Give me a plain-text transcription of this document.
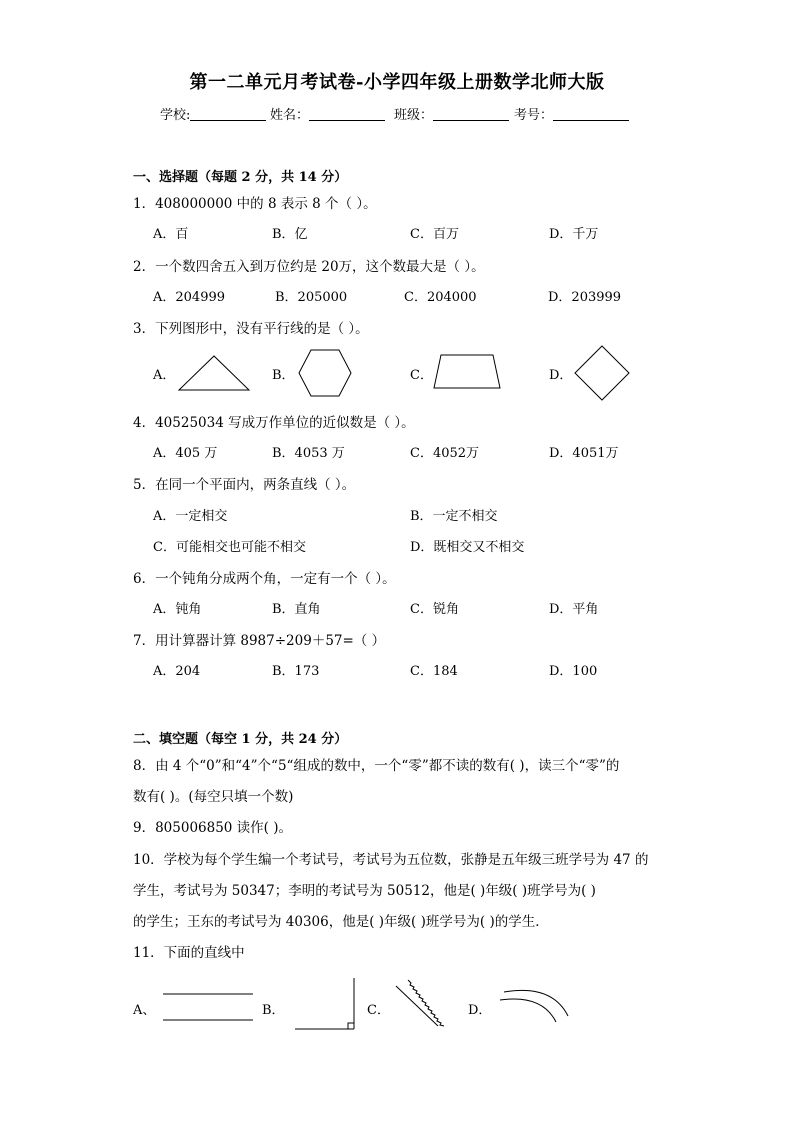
第一二单元月考试卷-小学四年级上册数学北师大版
学校:	姓名：	班级：	考号：
一、选择题（每题 2 分，共 14 分）
1．408000000 中的 8 表示 8 个（ ）。
A．百	B．亿	C．百万	D．千万
2．一个数四舍五入到万位约是 20万，这个数最大是（ ）。
A．204999	B．205000	C．204000	D．203999
3．下列图形中，没有平行线的是（ ）。
A．	B．	C．	D．
4．40525034 写成万作单位的近似数是（ ）。
A．405 万	B．4053 万	C．4052万	D．4051万
5．在同一个平面内，两条直线（ ）。
A．一定相交	B．一定不相交
C．可能相交也可能不相交	D．既相交又不相交
6．一个钝角分成两个角，一定有一个（ ）。
A．钝角	B．直角	C．锐角	D．平角
7．用计算器计算 8987÷209＋57=（ ）
A．204	B．173	C．184	D．100
二、填空题（每空 1 分，共 24 分）
8．由 4 个“0”和“4”个“5“组成的数中，一个“零”都不读的数有( )，读三个“零”的
数有( )。(每空只填一个数)
9．805006850 读作( )。
10．学校为每个学生编一个考试号，考试号为五位数，张静是五年级三班学号为 47 的
学生，考试号为 50347；李明的考试号为 50512，他是( )年级( )班学号为( )
的学生；王东的考试号为 40306，他是( )年级( )班学号为( )的学生．
11．下面的直线中
A、	B．	C．	D．
